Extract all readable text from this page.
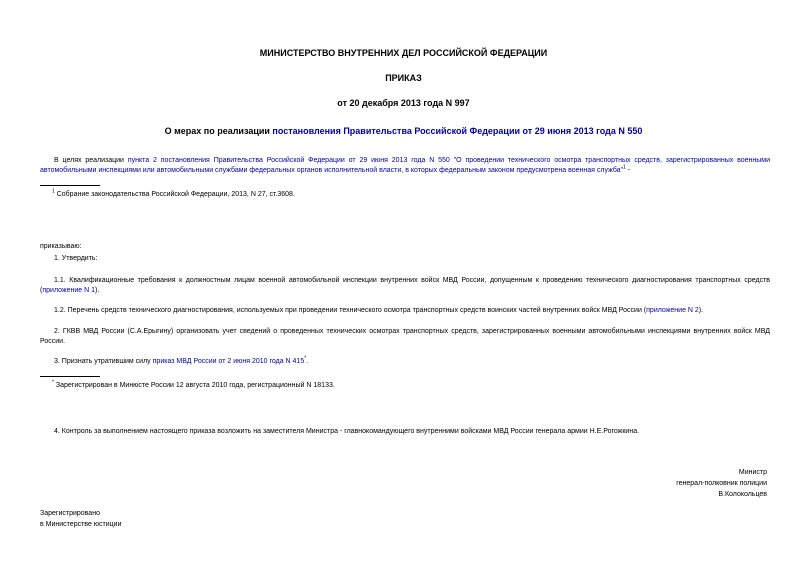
МИНИСТЕРСТВО ВНУТРЕННИХ ДЕЛ РОССИЙСКОЙ ФЕДЕРАЦИИ
ПРИКАЗ
от 20 декабря 2013 года N 997
О мерах по реализации постановления Правительства Российской Федерации от 29 июня 2013 года N 550
В целях реализации пункта 2 постановления Правительства Российской Федерации от 29 июня 2013 года N 550 "О проведении технического осмотра транспортных средств, зарегистрированных военными автомобильными инспекциями или автомобильными службами федеральных органов исполнительной власти, в которых федеральным законом предусмотрена военная служба"$^1$ -
$^1$ Собрание законодательства Российской Федерации, 2013, N 27, ст.3608.
приказываю:
1. Утвердить:
1.1. Квалификационные требования к должностным лицам военной автомобильной инспекции внутренних войск МВД России, допущенным к проведению технического диагностирования транспортных средств (приложение N 1).
1.2. Перечень средств технического диагностирования, используемых при проведении технического осмотра транспортных средств воинских частей внутренних войск МВД России (приложение N 2).
2. ГКВВ МВД России (С.А.Ерыгину) организовать учет сведений о проведенных технических осмотрах транспортных средств, зарегистрированных военными автомобильными инспекциями внутренних войск МВД России.
3. Признать утратившим силу приказ МВД России от 2 июня 2010 года N 415*.
* Зарегистрирован в Минюсте России 12 августа 2010 года, регистрационный N 18133.
4. Контроль за выполнением настоящего приказа возложить на заместителя Министра - главнокомандующего внутренними войсками МВД России генерала армии Н.Е.Рогожкина.
Министр
генерал-полковник полиции
В.Колокольцев
Зарегистрировано
в Министерстве юстиции
